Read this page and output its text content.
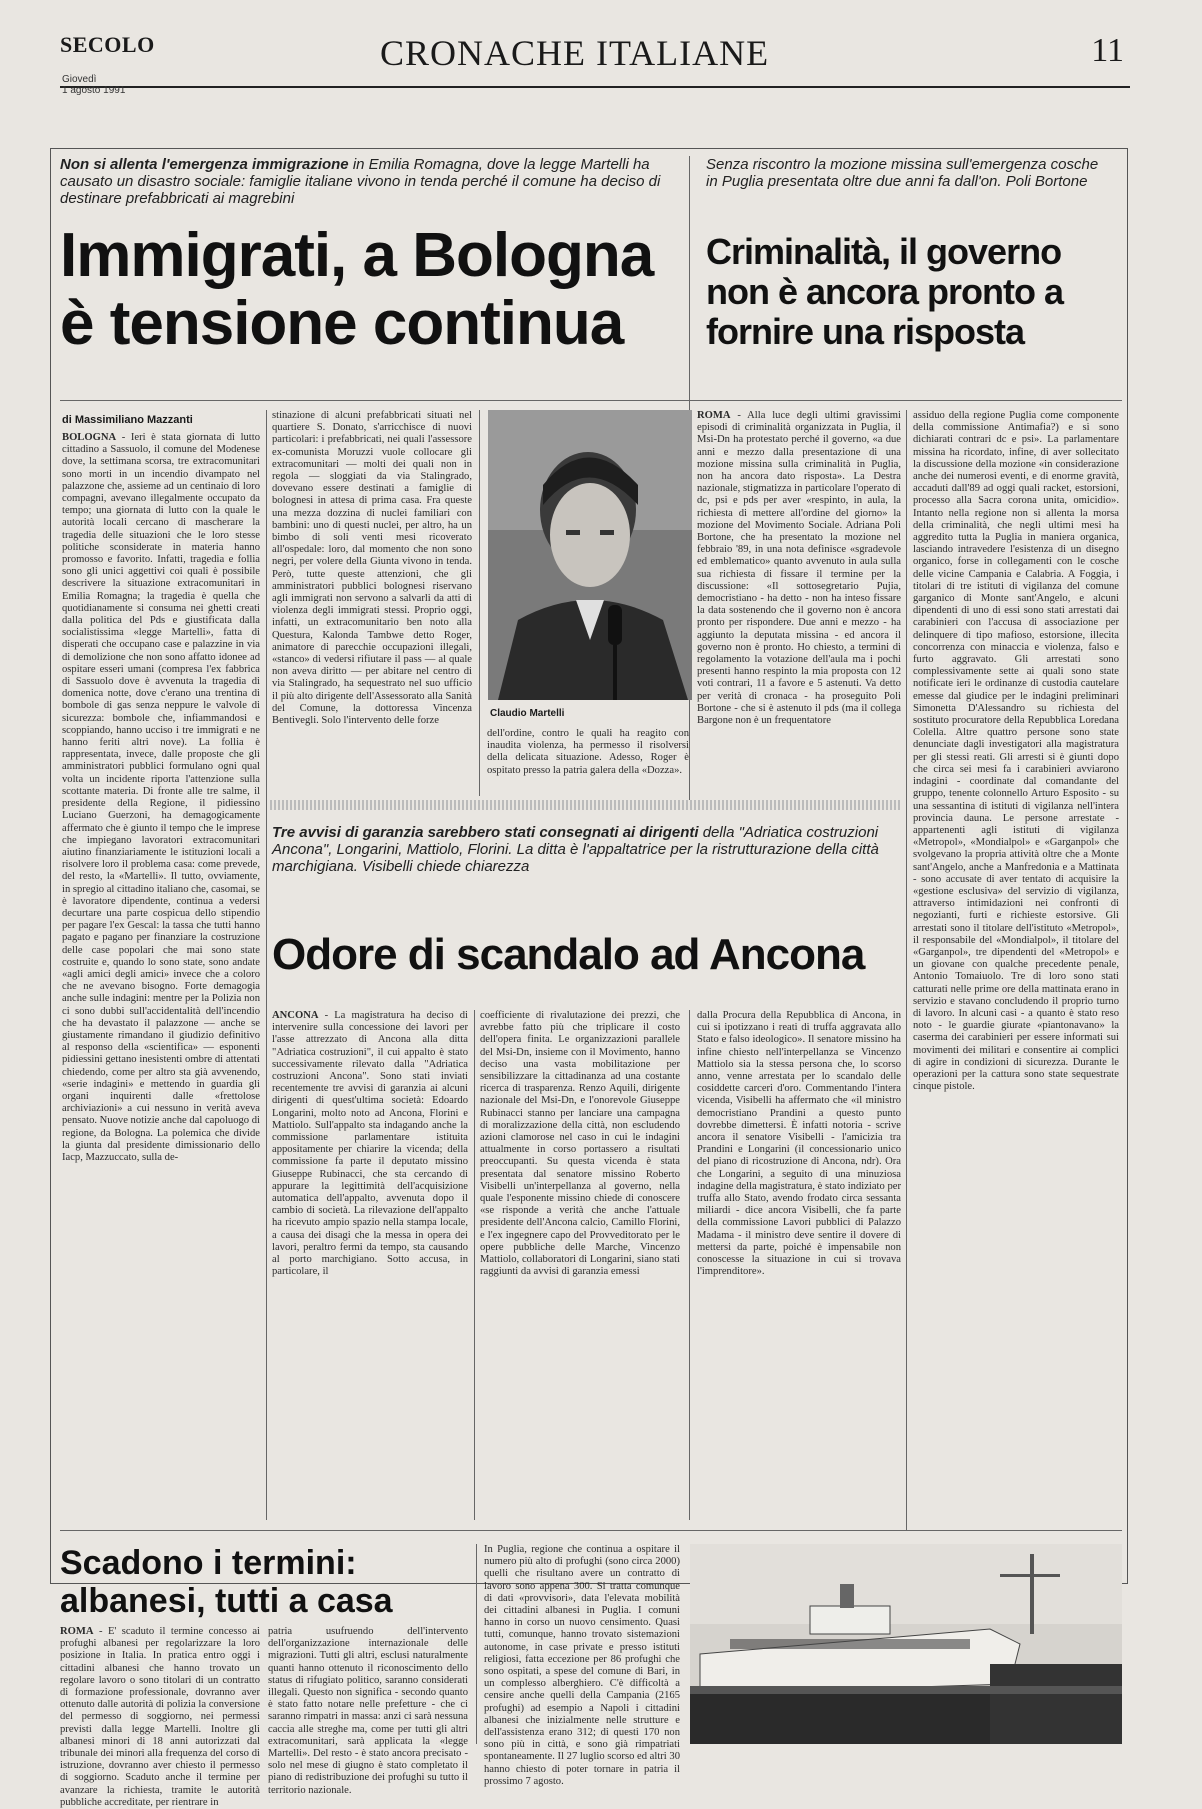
SECOLO
Giovedì
1 agosto 1991
CRONACHE ITALIANE	11
Non si allenta l'emergenza immigrazione in Emilia Romagna, dove la legge Martelli ha causato un disastro sociale: famiglie italiane vivono in tenda perché il comune ha deciso di destinare prefabbricati ai magrebini
Immigrati, a Bologna è tensione continua
Senza riscontro la mozione missina sull'emergenza cosche in Puglia presentata oltre due anni fa dall'on. Poli Bortone
Criminalità, il governo non è ancora pronto a fornire una risposta
di Massimiliano Mazzanti
BOLOGNA - Ieri è stata giornata di lutto cittadino a Sassuolo, il comune del Modenese dove, la settimana scorsa, tre extracomunitari sono morti in un incendio divampato nel palazzone che, assieme ad un centinaio di loro compagni, avevano illegalmente occupato da tempo; una giornata di lutto con la quale le autorità locali cercano di mascherare la tragedia delle situazioni che le loro stesse politiche sconsiderate in materia hanno promosso e favorito. Infatti, tragedia e follia sono gli unici aggettivi coi quali è possibile descrivere la situazione extracomunitari in Emilia Romagna; la tragedia è quella che quotidianamente si consuma nei ghetti creati dalla politica del Pds e giustificata dalla socialistissima «legge Martelli», fatta di disperati che occupano case e palazzine in via di demolizione che non sono affatto idonee ad ospitare esseri umani (compresa l'ex fabbrica di Sassuolo dove è avvenuta la tragedia di domenica notte, dove c'erano una trentina di bombole di gas senza neppure le valvole di sicurezza: bombole che, infiammandosi e scoppiando, hanno ucciso i tre immigrati e ne hanno feriti altri nove). La follia è rappresentata, invece, dalle proposte che gli amministratori pubblici formulano ogni qual volta un incidente riporta l'attenzione sulla scottante materia. Di fronte alle tre salme, il presidente della Regione, il pidiessino Luciano Guerzoni, ha demagogicamente affermato che è giunto il tempo che le imprese che impiegano lavoratori extracomunitari aiutino finanziariamente le istituzioni locali a risolvere loro il problema casa: come prevede, del resto, la «Martelli». Il tutto, ovviamente, in spregio al cittadino italiano che, casomai, se è lavoratore dipendente, continua a vedersi decurtare una parte cospicua dello stipendio per pagare l'ex Gescal: la tassa che tutti hanno pagato e pagano per finanziare la costruzione delle case popolari che mai sono state costruite e, quando lo sono state, sono andate «agli amici degli amici» invece che a coloro che ne avevano bisogno. Forte demagogia anche sulle indagini: mentre per la Polizia non ci sono dubbi sull'accidentalità dell'incendio che ha devastato il palazzone — anche se giustamente rimandano il giudizio definitivo al responso della «scientifica» — esponenti pidiessini gettano inesistenti ombre di attentati chiedendo, come per altro sta già avvenendo, «serie indagini» e mettendo in guardia gli organi inquirenti dalle «frettolose archiviazioni» a cui nessuno in verità aveva pensato. Nuove notizie anche dal capoluogo di regione, da Bologna. La polemica che divide la giunta dal presidente dimissionario dello Iacp, Mazzuccato, sulla de-
stinazione di alcuni prefabbricati situati nel quartiere S. Donato, s'arricchisce di nuovi particolari: i prefabbricati, nei quali l'assessore ex-comunista Moruzzi vuole collocare gli extracomunitari — molti dei quali non in regola — sloggiati da via Stalingrado, dovevano essere destinati a famiglie di bolognesi in attesa di prima casa. Fra queste una mezza dozzina di nuclei familiari con bambini: uno di questi nuclei, per altro, ha un bimbo di soli venti mesi ricoverato all'ospedale: loro, dal momento che non sono negri, per volere della Giunta vivono in tenda. Però, tutte queste attenzioni, che gli amministratori pubblici bolognesi riservano agli immigrati non servono a salvarli da atti di violenza degli immigrati stessi. Proprio oggi, infatti, un extracomunitario ben noto alla Questura, Kalonda Tambwe detto Roger, animatore di parecchie occupazioni illegali, «stanco» di vedersi rifiutare il pass — al quale non aveva diritto — per abitare nel centro di via Stalingrado, ha sequestrato nel suo ufficio il più alto dirigente dell'Assessorato alla Sanità del Comune, la dottoressa Vincenza Bentivegli. Solo l'intervento delle forze
Claudio Martelli
dell'ordine, contro le quali ha reagito con inaudita violenza, ha permesso il risolversi della delicata situazione. Adesso, Roger è ospitato presso la patria galera della «Dozza».
ROMA - Alla luce degli ultimi gravissimi episodi di criminalità organizzata in Puglia, il Msi-Dn ha protestato perché il governo, «a due anni e mezzo dalla presentazione di una mozione missina sulla criminalità in Puglia, non ha ancora dato risposta». La Destra nazionale, stigmatizza in particolare l'operato di dc, psi e pds per aver «respinto, in aula, la richiesta di mettere all'ordine del giorno» la mozione del Movimento Sociale. Adriana Poli Bortone, che ha presentato la mozione nel febbraio '89, in una nota definisce «sgradevole ed emblematico» quanto avvenuto in aula sulla sua richiesta di fissare il termine per la discussione: «Il sottosegretario Pujia, democristiano - ha detto - non ha inteso fissare la data sostenendo che il governo non è ancora pronto per rispondere. Due anni e mezzo - ha aggiunto la deputata missina - ed ancora il governo non è pronto. Ho chiesto, a termini di regolamento la votazione dell'aula ma i pochi presenti hanno respinto la mia proposta con 12 voti contrari, 11 a favore e 5 astenuti. Va detto per verità di cronaca - ha proseguito Poli Bortone - che si è astenuto il pds (ma il collega Bargone non è un frequentatore
assiduo della regione Puglia come componente della commissione Antimafia?) e si sono dichiarati contrari dc e psi». La parlamentare missina ha ricordato, infine, di aver sollecitato la discussione della mozione «in considerazione anche dei numerosi eventi, e di enorme gravità, accaduti dall'89 ad oggi quali racket, estorsioni, processo alla Sacra corona unita, omicidio». Intanto nella regione non si allenta la morsa della criminalità, che negli ultimi mesi ha aggredito tutta la Puglia in maniera organica, lasciando intravedere l'esistenza di un disegno organico, forse in collegamenti con le cosche delle vicine Campania e Calabria. A Foggia, i titolari di tre istituti di vigilanza del comune garganico di Monte sant'Angelo, e alcuni dipendenti di uno di essi sono stati arrestati dai carabinieri con l'accusa di associazione per delinquere di tipo mafioso, estorsione, illecita concorrenza con minaccia e violenza, falso e furto aggravato. Gli arrestati sono complessivamente sette ai quali sono state notificate ieri le ordinanze di custodia cautelare emesse dal giudice per le indagini preliminari Simonetta D'Alessandro su richiesta del sostituto procuratore della Repubblica Loredana Colella. Altre quattro persone sono state denunciate dagli investigatori alla magistratura per gli stessi reati. Gli arresti si è giunti dopo che circa sei mesi fa i carabinieri avviarono indagini - coordinate dal comandante del gruppo, tenente colonnello Arturo Esposito - su una sessantina di istituti di vigilanza nell'intera provincia dauna. Le persone arrestate - appartenenti agli istituti di vigilanza «Metropol», «Mondialpol» e «Garganpol» che svolgevano la propria attività oltre che a Monte sant'Angelo, anche a Manfredonia e a Mattinata - sono accusate di aver tentato di acquisire la «gestione esclusiva» del servizio di vigilanza, attraverso intimidazioni nei confronti di negozianti, furti e richieste estorsive. Gli arrestati sono il titolare dell'istituto «Metropol», il responsabile del «Mondialpol», il titolare del «Garganpol», tre dipendenti del «Metropol» e un giovane con qualche precedente penale, Antonio Tomaiuolo. Tre di loro sono stati catturati nelle prime ore della mattinata erano in servizio e stavano concludendo il proprio turno di lavoro. In alcuni casi - a quanto è stato reso noto - le guardie giurate «piantonavano» la caserma dei carabinieri per essere informati sui movimenti dei militari e consentire ai complici di agire in condizioni di sicurezza. Durante le operazioni per la cattura sono state sequestrate cinque pistole.
Tre avvisi di garanzia sarebbero stati consegnati ai dirigenti della "Adriatica costruzioni Ancona", Longarini, Mattiolo, Florini. La ditta è l'appaltatrice per la ristrutturazione della città marchigiana. Visibelli chiede chiarezza
Odore di scandalo ad Ancona
ANCONA - La magistratura ha deciso di intervenire sulla concessione dei lavori per l'asse attrezzato di Ancona alla ditta "Adriatica costruzioni", il cui appalto è stato successivamente rilevato dalla "Adriatica costruzioni Ancona". Sono stati inviati recentemente tre avvisi di garanzia ai alcuni dirigenti di quest'ultima società: Edoardo Longarini, molto noto ad Ancona, Florini e Mattiolo. Sull'appalto sta indagando anche la commissione parlamentare istituita appositamente per chiarire la vicenda; della commissione fa parte il deputato missino Giuseppe Rubinacci, che sta cercando di appurare la legittimità dell'acquisizione automatica dell'appalto, avvenuta dopo il cambio di società. La rilevazione dell'appalto ha ricevuto ampio spazio nella stampa locale, a causa dei disagi che la messa in opera dei lavori, peraltro fermi da tempo, sta causando al porto marchigiano. Sotto accusa, in particolare, il
coefficiente di rivalutazione dei prezzi, che avrebbe fatto più che triplicare il costo dell'opera finita. Le organizzazioni parallele del Msi-Dn, insieme con il Movimento, hanno deciso una vasta mobilitazione per sensibilizzare la cittadinanza ad una costante ricerca di trasparenza. Renzo Aquili, dirigente nazionale del Msi-Dn, e l'onorevole Giuseppe Rubinacci stanno per lanciare una campagna di moralizzazione della città, non escludendo azioni clamorose nel caso in cui le indagini attualmente in corso portassero a risultati preoccupanti. Su questa vicenda è stata presentata dal senatore missino Roberto Visibelli un'interpellanza al governo, nella quale l'esponente missino chiede di conoscere «se risponde a verità che anche l'attuale presidente dell'Ancona calcio, Camillo Florini, e l'ex ingegnere capo del Provveditorato per le opere pubbliche delle Marche, Vincenzo Mattiolo, collaboratori di Longarini, siano stati raggiunti da avvisi di garanzia emessi
dalla Procura della Repubblica di Ancona, in cui si ipotizzano i reati di truffa aggravata allo Stato e falso ideologico». Il senatore missino ha infine chiesto nell'interpellanza se Vincenzo Mattiolo sia la stessa persona che, lo scorso anno, venne arrestata per lo scandalo delle cosiddette carceri d'oro. Commentando l'intera vicenda, Visibelli ha affermato che «il ministro democristiano Prandini a questo punto dovrebbe dimettersi. È infatti notoria - scrive ancora il senatore Visibelli - l'amicizia tra Prandini e Longarini (il concessionario unico del piano di ricostruzione di Ancona, ndr). Ora che Longarini, a seguito di una minuziosa indagine della magistratura, è stato indiziato per truffa allo Stato, avendo frodato circa sessanta miliardi - dice ancora Visibelli, che fa parte della commissione Lavori pubblici di Palazzo Madama - il ministro deve sentire il dovere di mettersi da parte, poiché è impensabile non conoscesse la situazione in cui si trovava l'imprenditore».
Scadono i termini: albanesi, tutti a casa
ROMA - E' scaduto il termine concesso ai profughi albanesi per regolarizzare la loro posizione in Italia. In pratica entro oggi i cittadini albanesi che hanno trovato un regolare lavoro o sono titolari di un contratto di formazione professionale, dovranno aver ottenuto dalle autorità di polizia la conversione del permesso di soggiorno, nei permessi previsti dalla legge Martelli. Inoltre gli albanesi minori di 18 anni autorizzati dal tribunale dei minori alla frequenza del corso di istruzione, dovranno aver chiesto il permesso di soggiorno. Scaduto anche il termine per avanzare la richiesta, tramite le autorità pubbliche accreditate, per rientrare in
patria usufruendo dell'intervento dell'organizzazione internazionale delle migrazioni. Tutti gli altri, esclusi naturalmente quanti hanno ottenuto il riconoscimento dello status di rifugiato politico, saranno considerati illegali. Questo non significa - secondo quanto è stato fatto notare nelle prefetture - che ci saranno rimpatri in massa: anzi ci sarà nessuna caccia alle streghe ma, come per tutti gli altri extracomunitari, sarà applicata la «legge Martelli». Del resto - è stato ancora precisato - solo nel mese di giugno è stato completato il piano di redistribuzione dei profughi su tutto il territorio nazionale.
In Puglia, regione che continua a ospitare il numero più alto di profughi (sono circa 2000) quelli che risultano avere un contratto di lavoro sono appena 300. Si tratta comunque di dati «provvisori», data l'elevata mobilità dei cittadini albanesi in Puglia. I comuni hanno in corso un nuovo censimento. Quasi tutti, comunque, hanno trovato sistemazioni autonome, in case private e presso istituti religiosi, fatta eccezione per 86 profughi che sono ospitati, a spese del comune di Bari, in un complesso alberghiero. C'è difficoltà a censire anche quelli della Campania (2165 profughi) ad esempio a Napoli i cittadini albanesi che inizialmente nelle strutture e dell'assistenza erano 312; di questi 170 non sono più in città, e sono già rimpatriati spontaneamente. Il 27 luglio scorso ed altri 30 hanno chiesto di poter tornare in patria il prossimo 7 agosto.
